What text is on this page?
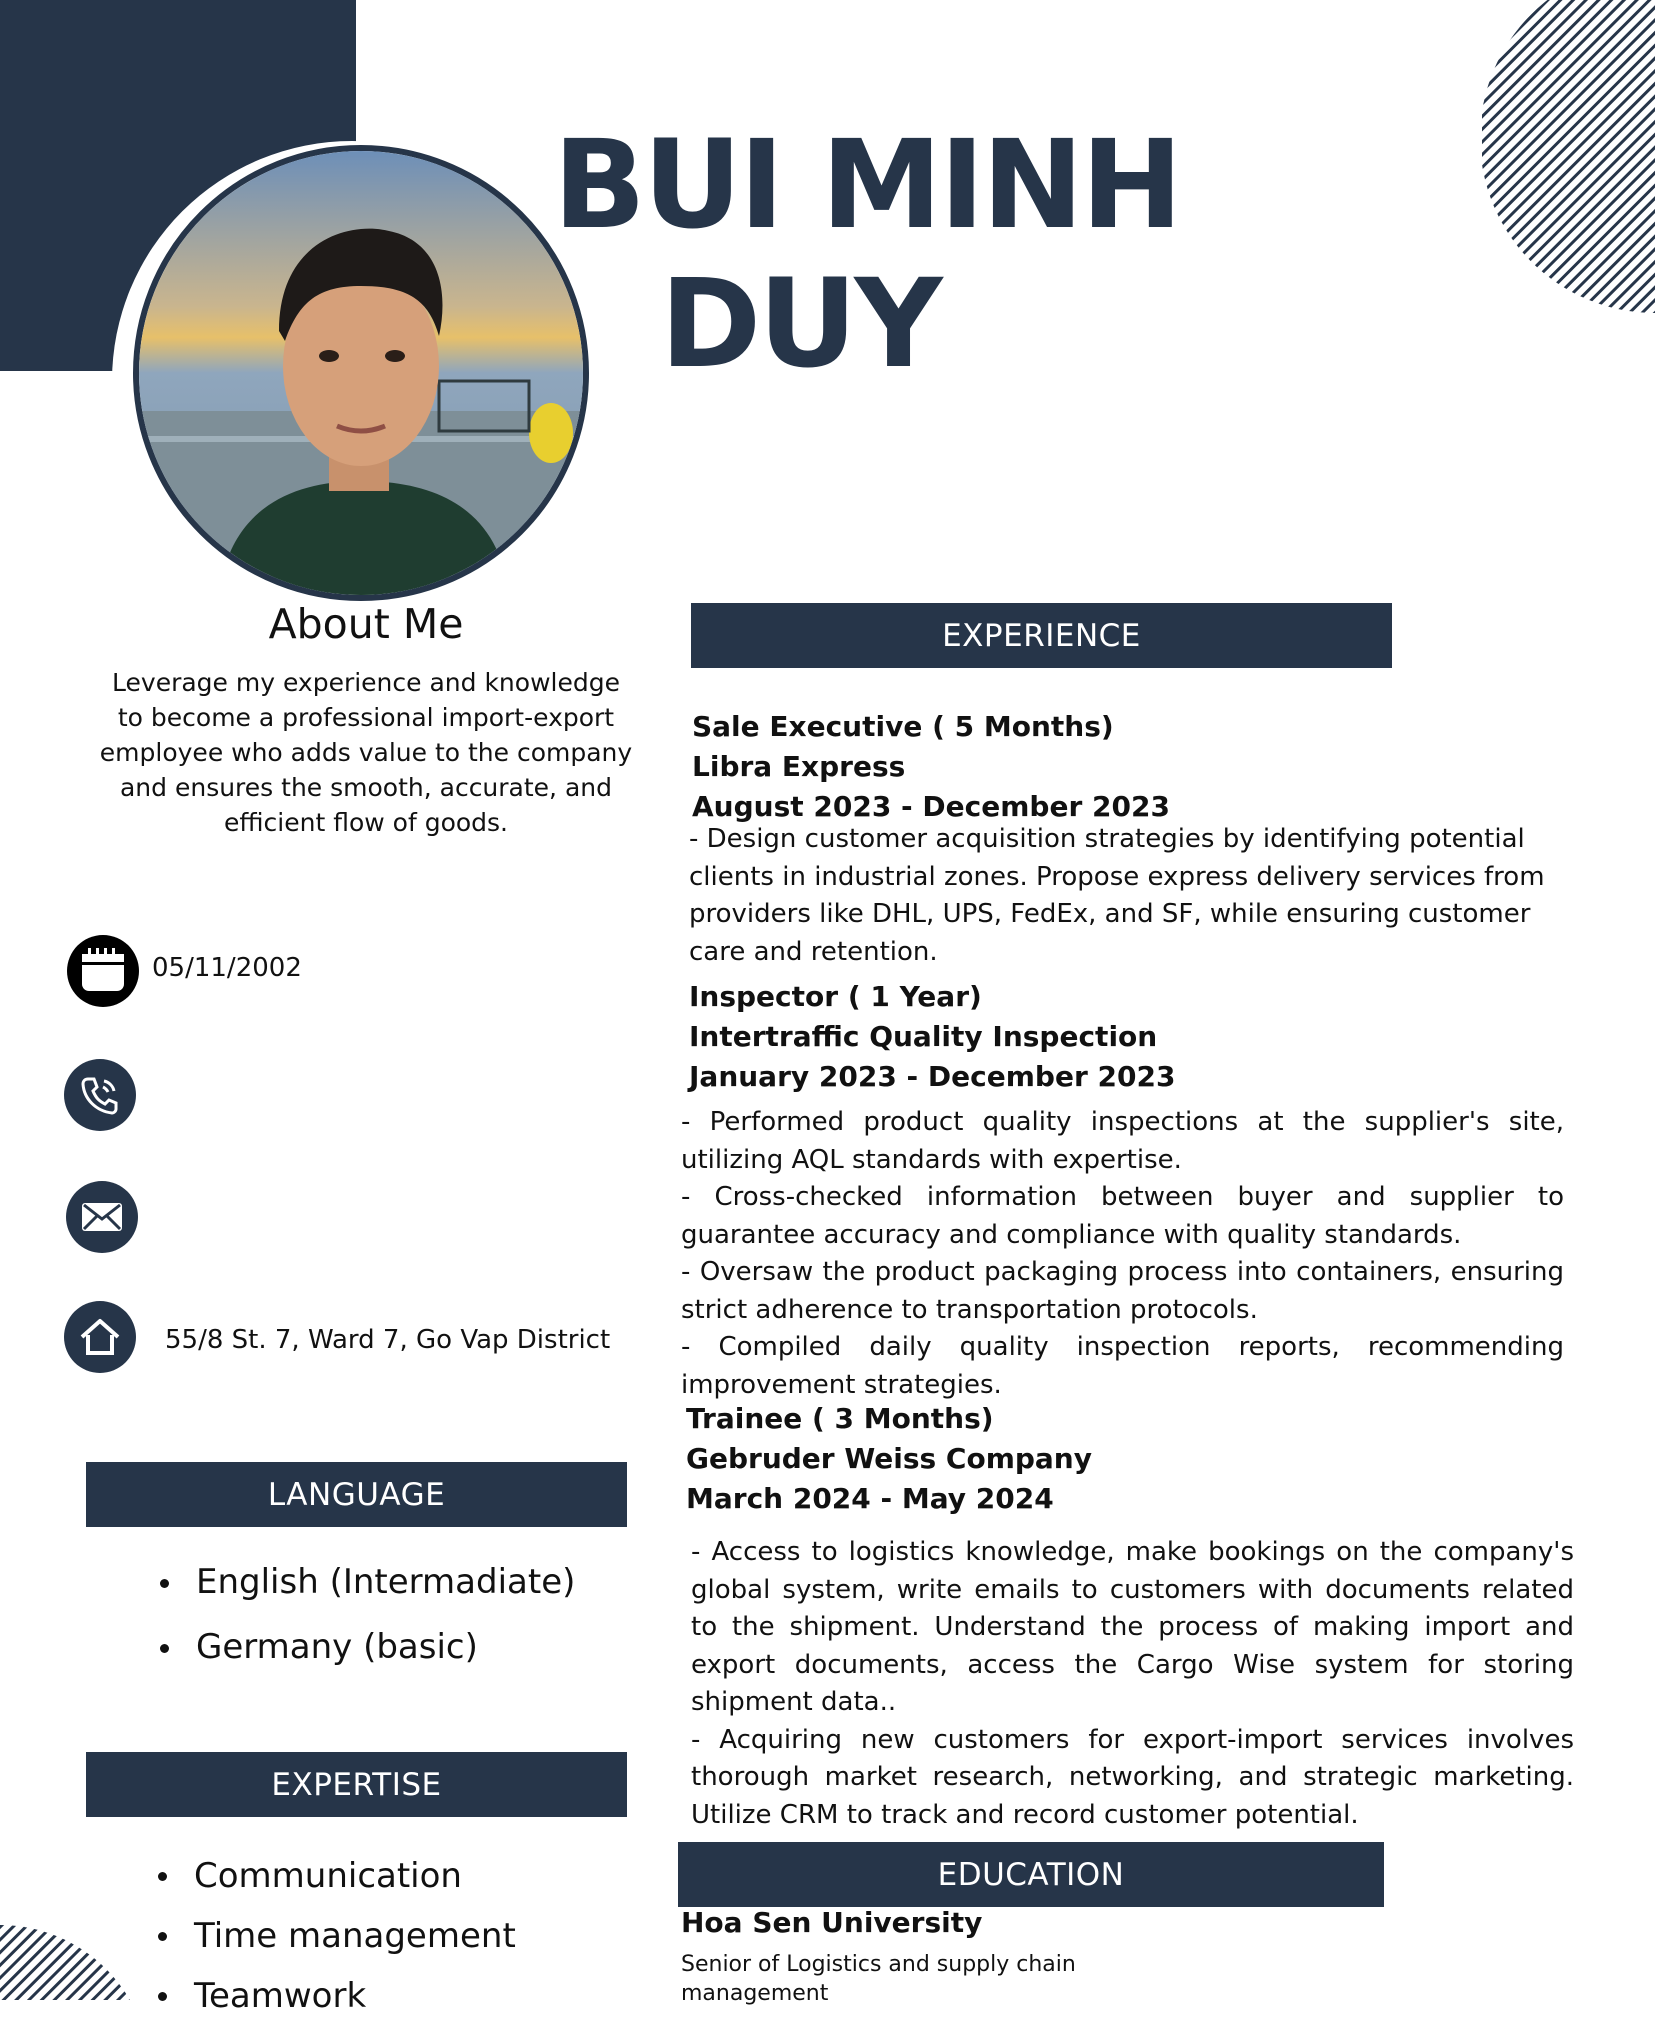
BUI MINH
DUY
About Me
Leverage my experience and knowledge to become a professional import-export employee who adds value to the company and ensures the smooth, accurate, and efficient flow of goods.
05/11/2002
55/8 St. 7, Ward 7, Go Vap District
LANGUAGE
English (Intermadiate)
Germany (basic)
EXPERTISE
Communication
Time management
Teamwork
EXPERIENCE
Sale Executive ( 5 Months)
Libra Express
August 2023 - December 2023

- Design customer acquisition strategies by identifying potential clients in industrial zones. Propose express delivery services from providers like DHL, UPS, FedEx, and SF, while ensuring customer care and retention.

Inspector ( 1 Year)
Intertraffic Quality Inspection
January 2023 - December 2023

- Performed product quality inspections at the supplier's site, utilizing AQL standards with expertise.

- Cross-checked information between buyer and supplier to guarantee accuracy and compliance with quality standards.

- Oversaw the product packaging process into containers, ensuring strict adherence to transportation protocols.

- Compiled daily quality inspection reports, recommending improvement strategies.

Trainee ( 3 Months)
Gebruder Weiss Company
March 2024 - May 2024

- Access to logistics knowledge, make bookings on the company's global system, write emails to customers with documents related to the shipment. Understand the process of making import and export documents, access the Cargo Wise system for storing shipment data..

- Acquiring new customers for export-import services involves thorough market research, networking, and strategic marketing. Utilize CRM to track and record customer potential.

EDUCATION
Hoa Sen University
Senior of Logistics and supply chain management
